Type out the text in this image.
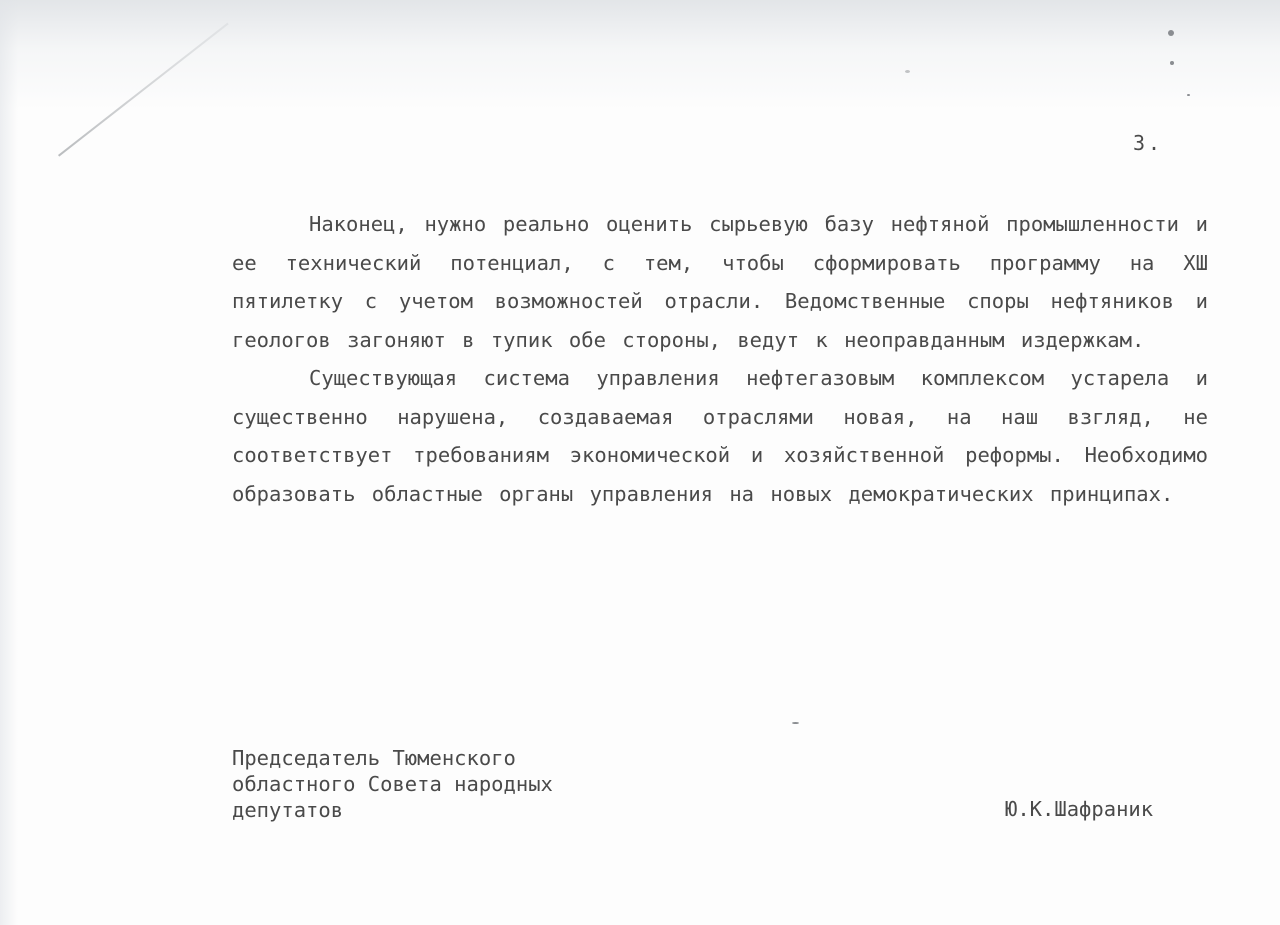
3.

Наконец, нужно реально оценить сырьевую базу нефтяной промышленности и ее технический потенциал, с тем, чтобы сформировать программу на ХШ пятилетку с учетом возможностей отрасли. Ведомственные споры нефтяников и геологов загоняют в тупик обе стороны, ведут к неоправданным издержкам.

Существующая система управления нефтегазовым комплексом устарела и существенно нарушена, создаваемая отраслями новая, на наш взгляд, не соответствует требованиям экономической и хозяйственной реформы. Необходимо образовать областные органы управления на новых демократических принципах.

Председатель Тюменского
областного Совета народных
депутатов	Ю.К.Шафраник
